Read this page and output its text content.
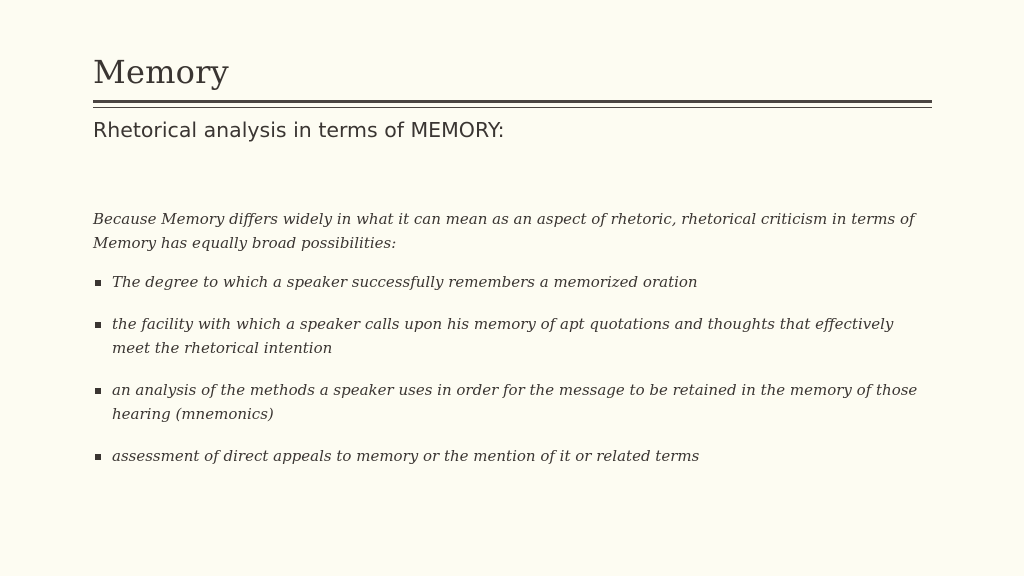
Memory
Rhetorical analysis in terms of MEMORY:
Because Memory differs widely in what it can mean as an aspect of rhetoric, rhetorical criticism in terms of Memory has equally broad possibilities:
The degree to which a speaker successfully remembers a memorized oration
the facility with which a speaker calls upon his memory of apt quotations and thoughts that effectively meet the rhetorical intention
an analysis of the methods a speaker uses in order for the message to be retained in the memory of those hearing (mnemonics)
assessment of direct appeals to memory or the mention of it or related terms
